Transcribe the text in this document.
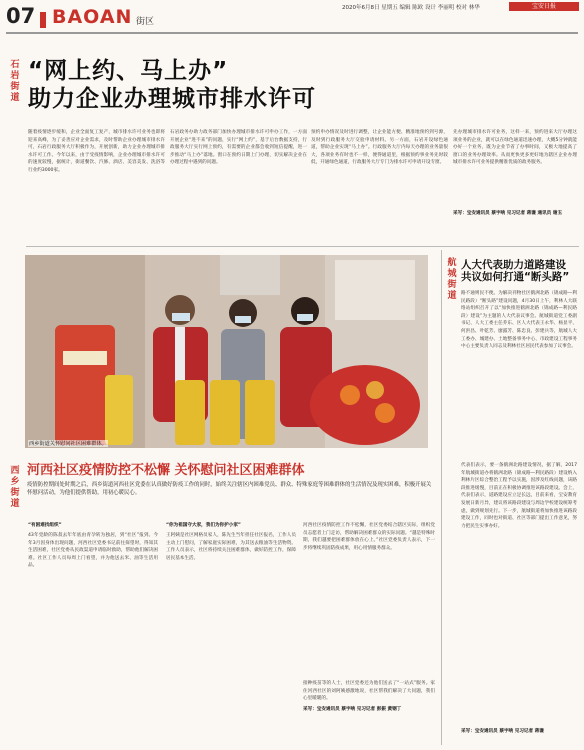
07 BAOAN 街区
2020年6月8日 星期五 编辑 陈欧 设计 李丽明 校对 林华	宝安日报
石岩街道
西乡街道
航城街道
“网上约、马上办”
助力企业办理城市排水许可
随着疫情逐步缓和，企业全面复工复产，城市排水许可业务也即将迎来高峰，为了妥善应对企业需求，及时帮助企业办理城市排水许可，石岩行政服务大厅积极作为，开展创新，助力企业办理城市排水许可工作。今年以来，由于受疫情影响，企业办理城市排水许可的速度较慢，据统计，街道餐饮、汽修、酒店、美容美发、洗浴等行业约3000家。
石岩政务办助力政务部门加快办理城市排水许可申办工作，一方面开展企业“进不来”的问题，实行“网上约”，基于后台数据支持，行政服务大厅实行网上预约，有需要的企业都会收到短信提醒，进一步推动“马上办”落地。窗口在预约日期上门办理，切实解决企业在办理过程中遇到的问题。
预约申办情况及时进行调整，让企业能方便、精准地预约到号源，及时到行政服务大厅交验申请材料。另一方面，石岩开设绿色通道，帮助企业实现“马上办”。行政服务大厅内每天办理的业务量很大，各项业务有时也不一样，便得通道里，根据预约事业务先时较低，开通绿色通道，行政服务大厅专门为排水许可申请开设专窗。
先办理城市排水许可业务，这样一来，预约进来大厅办理这项业务的企业，就可以在绿色通道迅速办理，大概5分钟就能办好一个业务，既为企业节省了办事时间，又极大地提高了窗口的业务办理效率。从而更快更多更好地为辖区企业办理城市排水许可业务提供精准优质的政务服务。
采写：宝安通讯员 蔡宇响 见习记者 蒋谦 通讯员 谢玉
西乡街道关怀慰问社区困难群体。
河西社区疫情防控不松懈 关怀慰问社区困难群体
疫情防控期间处时期之后，西乡街道河西社区党委在认真做好防疫工作的同时，始终关注辖区内困难党员、群众、特殊家庭等困难群体的生活情况及现实困难，积极开展关怀慰问活动，为他们提供帮助，用初心暖民心。
“有困难找组织”
43年党龄的陈叔去年年底由青孕转为独居，到“社区”报到。今年3月因身体出现问题，河西社区党委书记前往探望时，得知其生活困难，社区党委从民政渠道申请临时救助，帮助他们解决困难。社区工作人员每周上门看望，并为他送去米、油等生活用品。
“你为祖国守大家，我们为你护小家”
王阿姨是社区网格员家人，陈先生当年担任社区报名，工作人员主动上门慰问，了解家庭实际困难，为其送去粮油等生活物资。工作人员表示，社区将持续关注困难群体，做好防控工作，保障居民基本生活。
河西社区疫情防控工作不松懈，社区党委结合辖区实际，组织党员志愿者上门走访，帮助解决困难群众的实际问题。“越是特殊时期，我们越要把困难群体放在心上。”社区党委负责人表示，下一步将继续巩固防疫成果，用心用情服务群众。
接种疫苗等的人士，社区党委还为他们送去了“一站式”服务。家住河西社区的刘阿姨感激地说，社区帮我们解决了大问题，我们心里暖暖的。
采写：宝安通讯员 蔡宇响 见习记者 彭振 黄钢丁
人大代表助力道路建设
共议如何打通“断头路”
路不通则民不便。为解决刊物社区鹤洲北路（锦成路—利民路段）“断头路”建设问题，4月30日上午，利林人大联络站组织召开了以“加快推进鹤洲北路（锦成路—利民路段）建设”为主题的人大代表议事会。航城街道党工委副书记、人大工委主任乔东、区人大代表王永华、杨显平、何洪昌、叶乾芳、廖露芳、陈忠良、彭建兵等，航城人大工委办、城建办、土地整备事务中心、市政建设工程事务中心主要负责人同志及利林社区居民代表参加了议事会。
代表们表示，要一条鹤洲北路建设情况，据了解，2017年航城街道办将鹤洲北路（锦成路—利民路段）建设纳入利林片区综合整治工程予以实施，因涉及红线问题，该路段推进缓慢，目前正在积极协调推进该路段建设。会上，代表们表示，道路建设应立足长远，目前来看，宝安教育发展日新月异，建议将该路段建设与周边学校建设统筹考虑，做到规划先行。下一步，航城街道将加快推进该路段建设工作，同时也对街道、社区等部门提出工作意见，努力把民生实事办好。
采写：宝安通讯员 蔡宇响 见习记者 蒋谦
